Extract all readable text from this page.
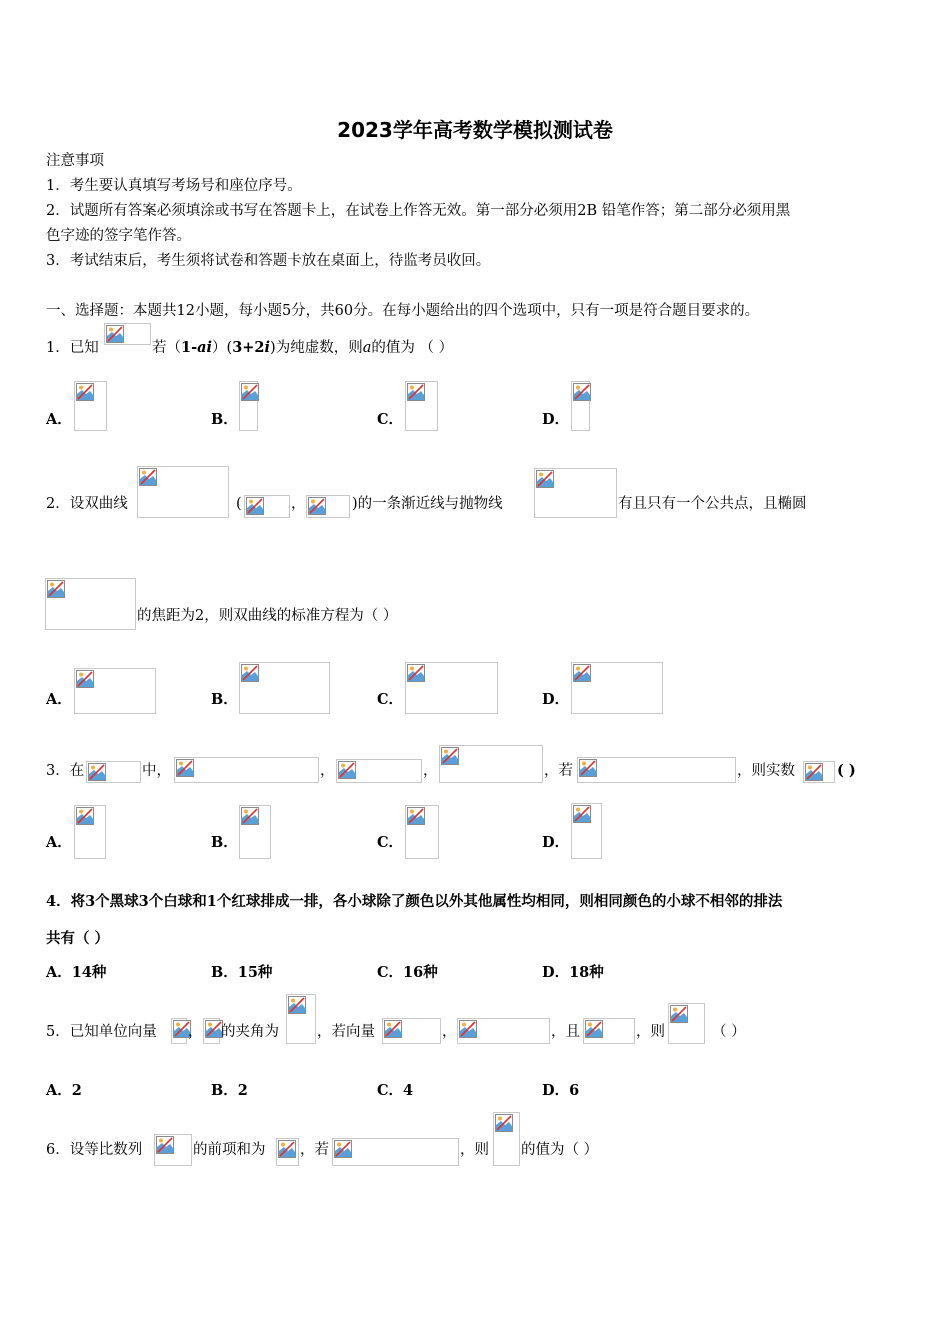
2023学年高考数学模拟测试卷
注意事项
1．考生要认真填写考场号和座位序号。
2．试题所有答案必须填涂或书写在答题卡上，在试卷上作答无效。第一部分必须用2B 铅笔作答；第二部分必须用黑
色字迹的签字笔作答。
3．考试结束后，考生须将试卷和答题卡放在桌面上，待监考员收回。
一、选择题：本题共12小题，每小题5分，共60分。在每小题给出的四个选项中，只有一项是符合题目要求的。
1．已知	若（1-ai）(3+2i)为纯虚数，则a的值为 （ ）
A．	B．	C．	D．
2．设双曲线	(	，	)的一条渐近线与抛物线	有且只有一个公共点，且椭圆
的焦距为2，则双曲线的标准方程为（ ）
A．	B．	C．	D．
3．在	中，	，	，	，若	，则实数	( )
A．	B．	C．	D．
4．将3个黑球3个白球和1个红球排成一排，各小球除了颜色以外其他属性均相同，则相同颜色的小球不相邻的排法
共有（ ）
A．14种	B．15种	C．16种	D．18种
5．已知单位向量 ， 的夹角为	，若向量	，	，且	，则	（ ）
A．2	B．2	C．4	D．6
6．设等比数列	的前项和为 ，若	，则 的值为（ ）
